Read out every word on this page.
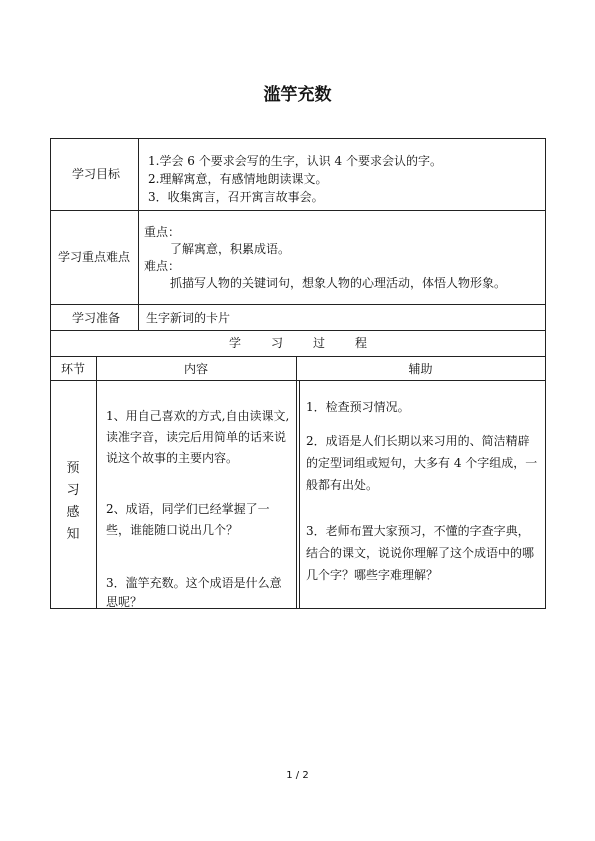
滥竽充数
学习目标
1.学会 6 个要求会写的生字，认识 4 个要求会认的字。
2.理解寓意，有感情地朗读课文。
3．收集寓言，召开寓言故事会。
学习重点难点
重点：
了解寓意，积累成语。
难点：
抓描写人物的关键词句，想象人物的心理活动，体悟人物形象。
学习准备 生字新词的卡片
学习过程
环节	内容	辅助
预
习
感
知
1、用自己喜欢的方式,自由读课文,读准字音，读完后用简单的话来说说这个故事的主要内容。
2、成语，同学们已经掌握了一些，谁能随口说出几个？
3．滥竽充数。这个成语是什么意思呢？
1．检查预习情况。
2．成语是人们长期以来习用的、简洁精辟的定型词组或短句，大多有 4 个字组成，一般都有出处。
3．老师布置大家预习，不懂的字查字典，结合的课文，说说你理解了这个成语中的哪几个字？哪些字难理解？
1 / 2
